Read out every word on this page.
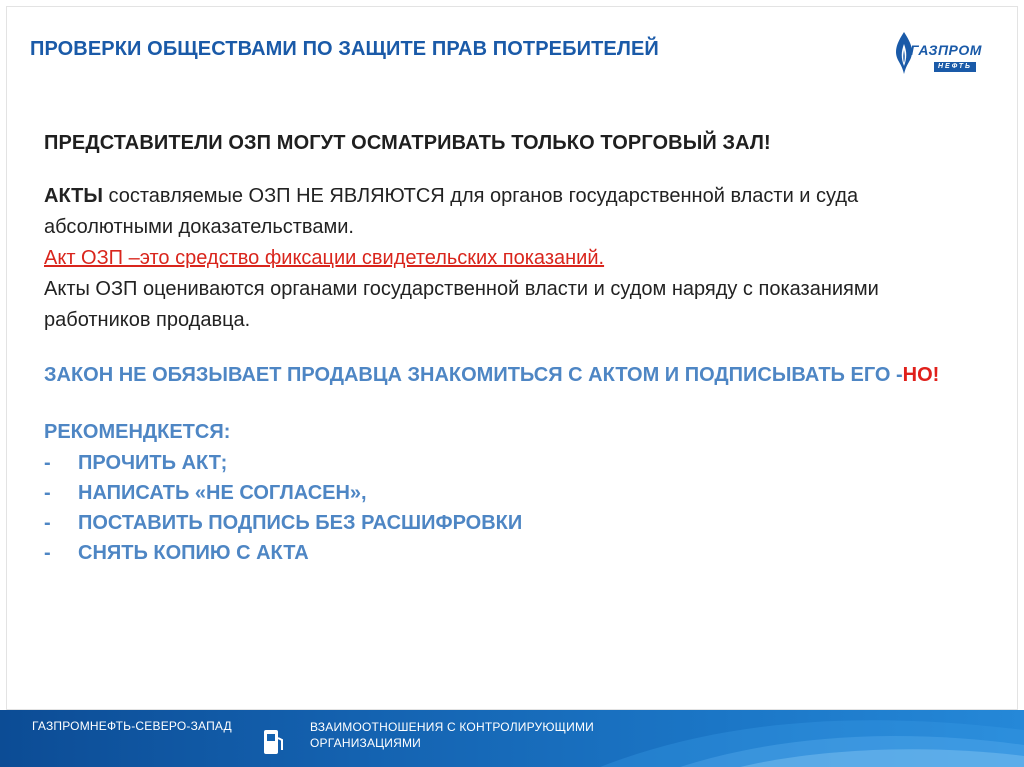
ПРОВЕРКИ ОБЩЕСТВАМИ ПО ЗАЩИТЕ ПРАВ ПОТРЕБИТЕЛЕЙ	ГАЗПРОМ
НЕФТЬ

ПРЕДСТАВИТЕЛИ ОЗП МОГУТ ОСМАТРИВАТЬ ТОЛЬКО ТОРГОВЫЙ ЗАЛ!

АКТЫ составляемые ОЗП НЕ ЯВЛЯЮТСЯ для органов государственной власти и суда абсолютными доказательствами.

Акт ОЗП –это средство фиксации свидетельских показаний.

Акты ОЗП оцениваются органами государственной власти и судом наряду с показаниями работников продавца.

ЗАКОН НЕ ОБЯЗЫВАЕТ ПРОДАВЦА ЗНАКОМИТЬСЯ С АКТОМ И ПОДПИСЫВАТЬ ЕГО -НО!

РЕКОМЕНДКЕТСЯ:

- ПРОЧИТЬ АКТ;
- НАПИСАТЬ «НЕ СОГЛАСЕН»,
- ПОСТАВИТЬ ПОДПИСЬ БЕЗ РАСШИФРОВКИ
- СНЯТЬ КОПИЮ С АКТА
ГАЗПРОМНЕФТЬ-СЕВЕРО-ЗАПАД	ВЗАИМООТНОШЕНИЯ С КОНТРОЛИРУЮЩИМИ ОРГАНИЗАЦИЯМИ
